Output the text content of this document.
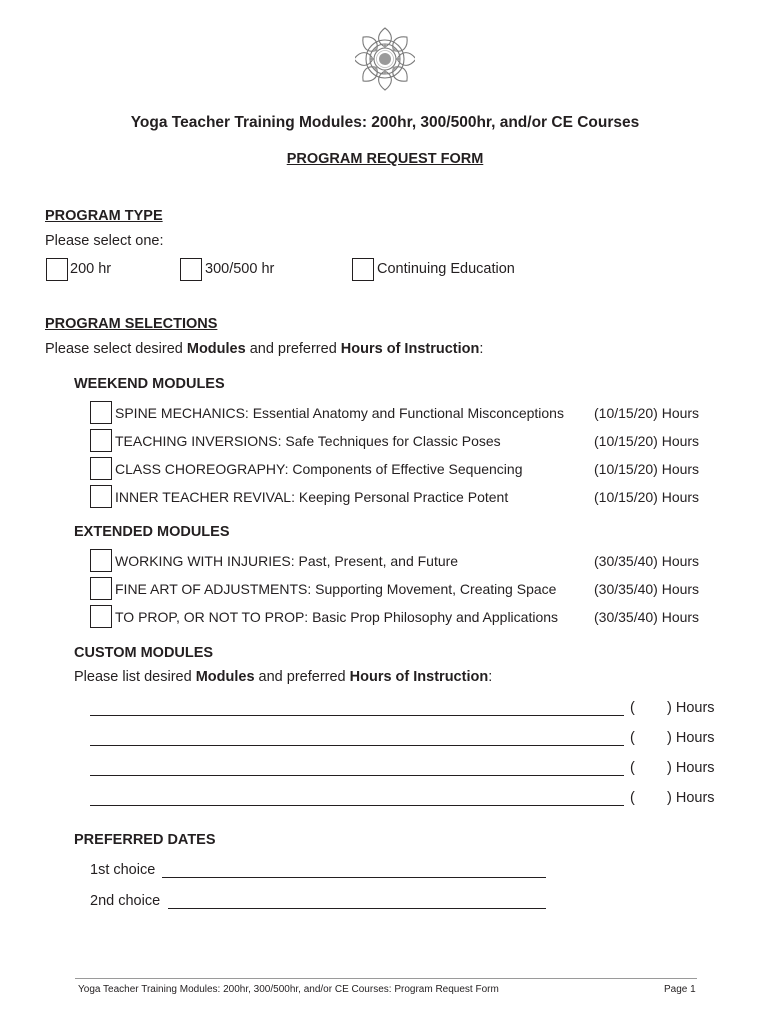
Yoga Teacher Training Modules: 200hr, 300/500hr, and/or CE Courses
PROGRAM REQUEST FORM
PROGRAM TYPE
Please select one:
200 hr	300/500 hr	Continuing Education
PROGRAM SELECTIONS
Please select desired Modules and preferred Hours of Instruction:
WEEKEND MODULES
SPINE MECHANICS: Essential Anatomy and Functional Misconceptions (10/15/20) Hours
TEACHING INVERSIONS: Safe Techniques for Classic Poses	(10/15/20) Hours
CLASS CHOREOGRAPHY: Components of Effective Sequencing	(10/15/20) Hours
INNER TEACHER REVIVAL: Keeping Personal Practice Potent	(10/15/20) Hours
EXTENDED MODULES
WORKING WITH INJURIES: Past, Present, and Future	(30/35/40) Hours
FINE ART OF ADJUSTMENTS: Supporting Movement, Creating Space	(30/35/40) Hours
TO PROP, OR NOT TO PROP: Basic Prop Philosophy and Applications	(30/35/40) Hours
CUSTOM MODULES
Please list desired Modules and preferred Hours of Instruction:
( ) Hours
( ) Hours
( ) Hours
( ) Hours
PREFERRED DATES
1st choice
2nd choice
Yoga Teacher Training Modules: 200hr, 300/500hr, and/or CE Courses: Program Request Form	Page 1
